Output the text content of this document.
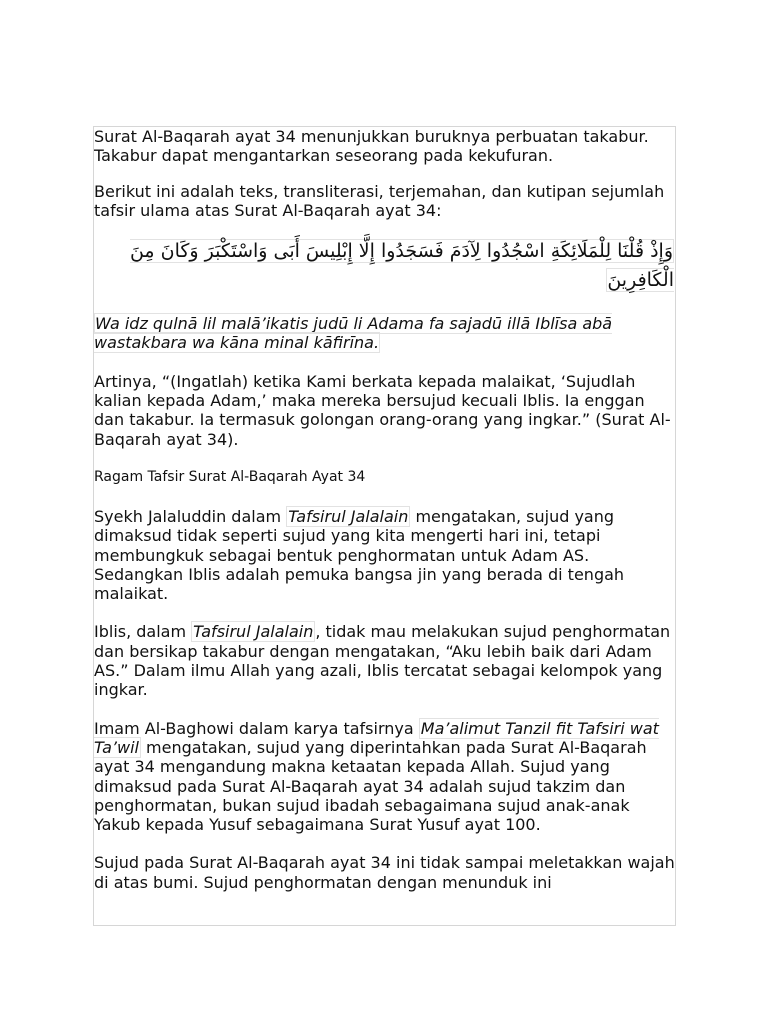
Surat Al-Baqarah ayat 34 menunjukkan buruknya perbuatan takabur. Takabur dapat mengantarkan seseorang pada kekufuran.

Berikut ini adalah teks, transliterasi, terjemahan, dan kutipan sejumlah tafsir ulama atas Surat Al-Baqarah ayat 34:

وَإِذْ قُلْنَا لِلْمَلَائِكَةِ اسْجُدُوا لِآدَمَ فَسَجَدُوا إِلَّا إِبْلِيسَ أَبَى وَاسْتَكْبَرَ وَكَانَ مِنَ الْكَافِرِينَ

Wa idz qulnā lil malā’ikatis judū li Adama fa sajadū illā Iblīsa abā wastakbara wa kāna minal kāfirīna.

Artinya, “(Ingatlah) ketika Kami berkata kepada malaikat, ‘Sujudlah kalian kepada Adam,’ maka mereka bersujud kecuali Iblis. Ia enggan dan takabur. Ia termasuk golongan orang-orang yang ingkar.” (Surat Al-Baqarah ayat 34).

Ragam Tafsir Surat Al-Baqarah Ayat 34

Syekh Jalaluddin dalam Tafsirul Jalalain mengatakan, sujud yang dimaksud tidak seperti sujud yang kita mengerti hari ini, tetapi membungkuk sebagai bentuk penghormatan untuk Adam AS. Sedangkan Iblis adalah pemuka bangsa jin yang berada di tengah malaikat.

Iblis, dalam Tafsirul Jalalain , tidak mau melakukan sujud penghormatan dan bersikap takabur dengan mengatakan, “Aku lebih baik dari Adam AS.” Dalam ilmu Allah yang azali, Iblis tercatat sebagai kelompok yang ingkar.

Imam Al-Baghowi dalam karya tafsirnya Ma’alimut Tanzil fit Tafsiri wat Ta’wil mengatakan, sujud yang diperintahkan pada Surat Al-Baqarah ayat 34 mengandung makna ketaatan kepada Allah. Sujud yang dimaksud pada Surat Al-Baqarah ayat 34 adalah sujud takzim dan penghormatan, bukan sujud ibadah sebagaimana sujud anak-anak Yakub kepada Yusuf sebagaimana Surat Yusuf ayat 100.

Sujud pada Surat Al-Baqarah ayat 34 ini tidak sampai meletakkan wajah di atas bumi. Sujud penghormatan dengan menunduk ini
